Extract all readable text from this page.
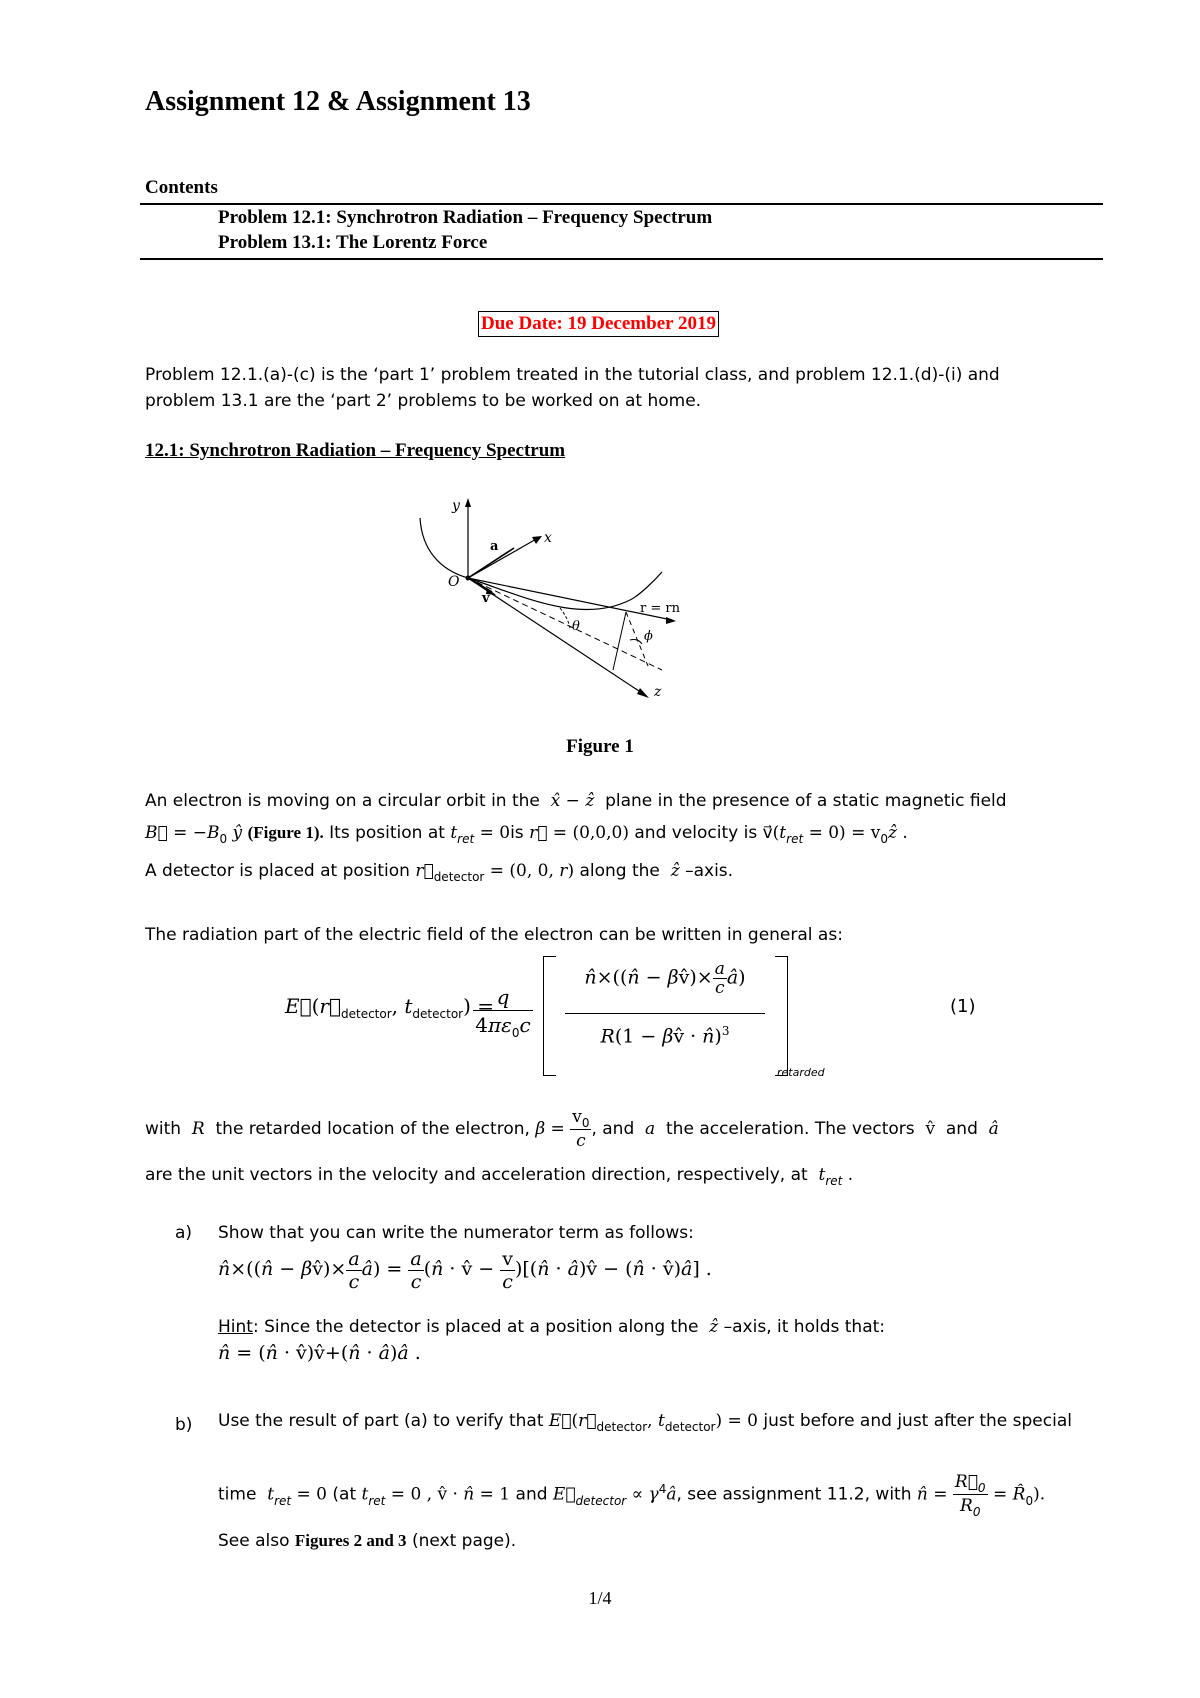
Assignment 12 & Assignment 13
Contents
Problem 12.1: Synchrotron Radiation – Frequency Spectrum
Problem 13.1: The Lorentz Force
Due Date: 19 December 2019
Problem 12.1.(a)-(c) is the ‘part 1’ problem treated in the tutorial class, and problem 12.1.(d)-(i) and
problem 13.1 are the ‘part 2’ problems to be worked on at home.
12.1: Synchrotron Radiation – Frequency Spectrum
y
x
a
O
v
r = rn
θ
ϕ
z
Figure 1
An electron is moving on a circular orbit in the  x̂ − ẑ  plane in the presence of a static magnetic field
B⃗ = $-B_0$ ŷ (Figure 1). Its position at $t_{ret} = 0is$ r⃗ = (0,0,0) and velocity is $v⃗(t_{ret} = 0)$ = $v_0ẑ$ .
A detector is placed at position $r⃗_{detector} = (0$, 0, r) along the  ẑ –axis.
The radiation part of the electric field of the electron can be written in general as:
$E⃗(r⃗_{detector}$, $t_{detector}) = q$
$4\pi\varepsilon_0c$
n̂×((n̂ − βv̂)× $\frac{a}{c}$ â)
R(1 − βv̂ · n̂)$^3$
retarded
(1)
with  R  the retarded location of the electron, $\beta = \frac{v_0}{c}$ , and  a  the acceleration. The vectors  v̂  and  â
are the unit vectors in the velocity and acceleration direction, respectively, at  $t_{ret}$ .
a) Show that you can write the numerator term as follows:
n̂×((n̂ − βv̂)× $\frac{a}{c}$ â) = $\frac{a}{c}$ (n̂ · v̂ − $\frac{v}{c}$ )[(n̂ · â)v̂ − (n̂ · v̂)â] .
Hint: Since the detector is placed at a position along the  ẑ –axis, it holds that:
n̂ = (n̂ · v̂)v̂+(n̂ · â)â .
b) Use the result of part (a) to verify that $E⃗(r⃗_{detector}$, $t_{detector}) = 0$ just before and just after the special
time  $t_{ret} = 0$ (at $t_{ret} = 0$ , v̂ · n̂ = 1 and $E⃗_{detector}$ ∝ $\gamma^4â$, see assignment 11.2, with n̂ = $\frac{R⃗_0}{R_0}$ = $R̂_0$).
See also Figures 2 and 3 (next page).
1/4
